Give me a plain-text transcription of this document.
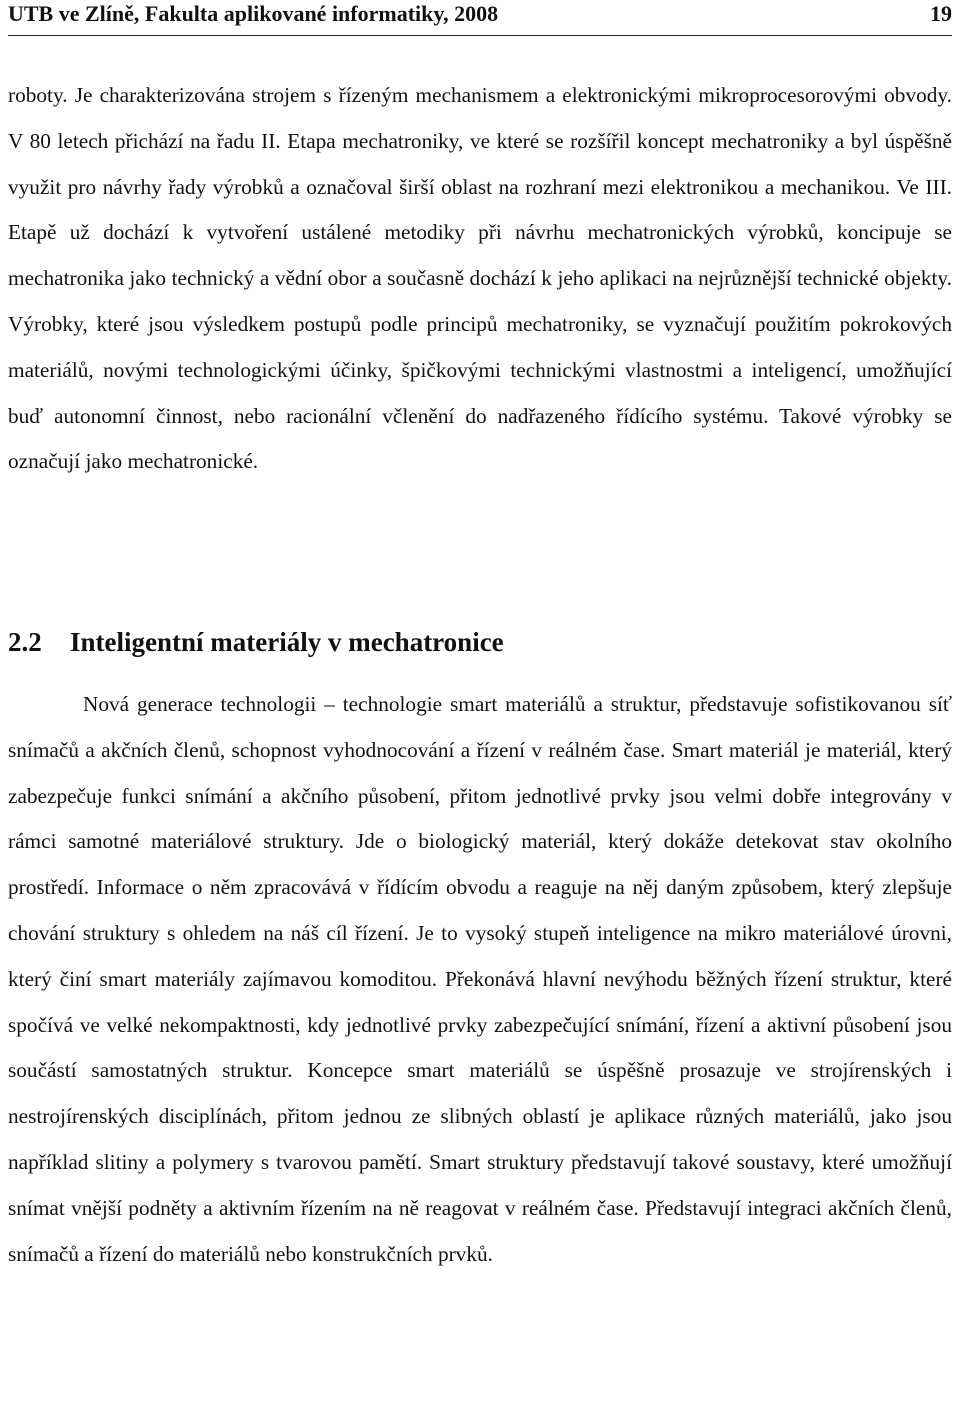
UTB ve Zlíně, Fakulta aplikované informatiky, 2008	19

roboty. Je charakterizována strojem s řízeným mechanismem a elektronickými mikroprocesorovými obvody. V 80 letech přichází na řadu II. Etapa mechatroniky, ve které se rozšířil koncept mechatroniky a byl úspěšně využit pro návrhy řady výrobků a označoval širší oblast na rozhraní mezi elektronikou a mechanikou. Ve III. Etapě už dochází k vytvoření ustálené metodiky při návrhu mechatronických výrobků, koncipuje se mechatronika jako technický a vědní obor a současně dochází k jeho aplikaci na nejrůznější technické objekty. Výrobky, které jsou výsledkem postupů podle principů mechatroniky, se vyznačují použitím pokrokových materiálů, novými technologickými účinky, špičkovými technickými vlastnostmi a inteligencí, umožňující buď autonomní činnost, nebo racionální včlenění do nadřazeného řídícího systému. Takové výrobky se označují jako mechatronické.

2.2 Inteligentní materiály v mechatronice

Nová generace technologii – technologie smart materiálů a struktur, představuje sofistikovanou síť snímačů a akčních členů, schopnost vyhodnocování a řízení v reálném čase. Smart materiál je materiál, který zabezpečuje funkci snímání a akčního působení, přitom jednotlivé prvky jsou velmi dobře integrovány v rámci samotné materiálové struktury. Jde o biologický materiál, který dokáže detekovat stav okolního prostředí. Informace o něm zpracovává v řídícím obvodu a reaguje na něj daným způsobem, který zlepšuje chování struktury s ohledem na náš cíl řízení. Je to vysoký stupeň inteligence na mikro materiálové úrovni, který činí smart materiály zajímavou komoditou. Překonává hlavní nevýhodu běžných řízení struktur, které spočívá ve velké nekompaktnosti, kdy jednotlivé prvky zabezpečující snímání, řízení a aktivní působení jsou součástí samostatných struktur. Koncepce smart materiálů se úspěšně prosazuje ve strojírenských i nestrojírenských disciplínách, přitom jednou ze slibných oblastí je aplikace různých materiálů, jako jsou například slitiny a polymery s tvarovou pamětí. Smart struktury představují takové soustavy, které umožňují snímat vnější podněty a aktivním řízením na ně reagovat v reálném čase. Představují integraci akčních členů, snímačů a řízení do materiálů nebo konstrukčních prvků.
